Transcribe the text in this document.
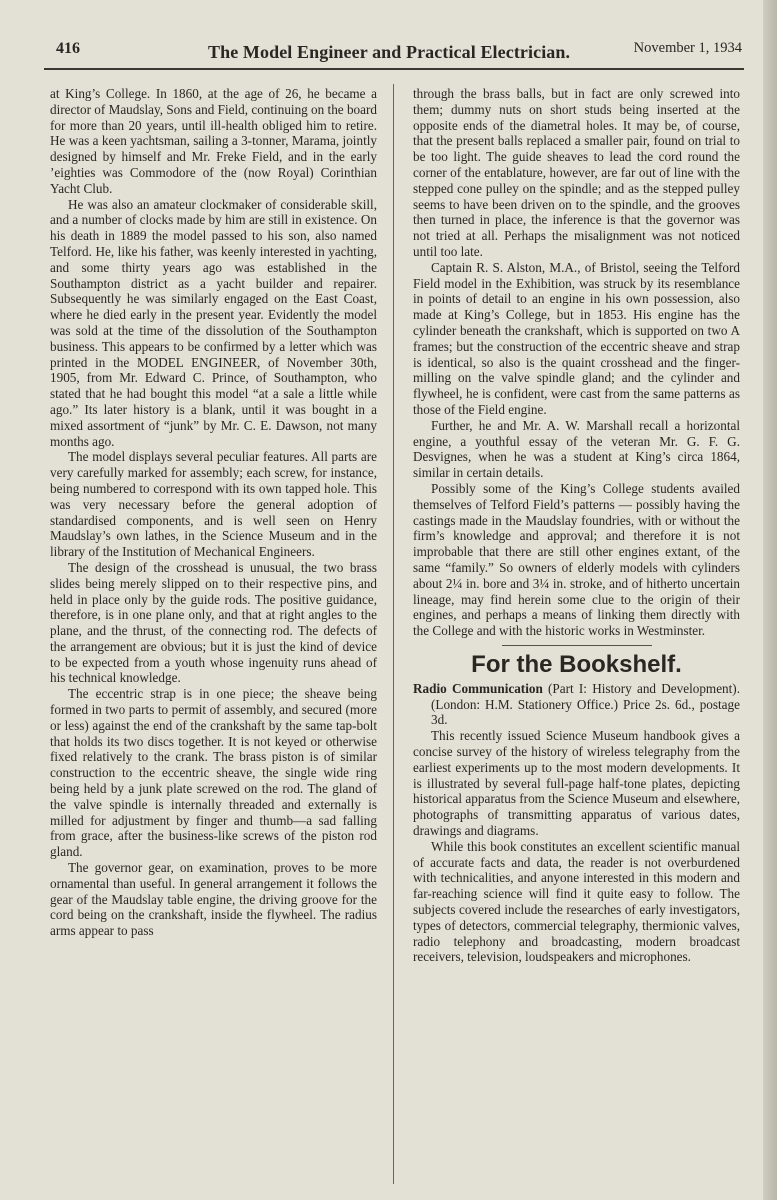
416	The Model Engineer and Practical Electrician.	November 1, 1934

at King’s College. In 1860, at the age of 26, he became a director of Maudslay, Sons and Field, continuing on the board for more than 20 years, until ill-health obliged him to retire. He was a keen yachtsman, sailing a 3-tonner, Marama, jointly designed by himself and Mr. Freke Field, and in the early ’eighties was Commodore of the (now Royal) Corinthian Yacht Club.

He was also an amateur clockmaker of considerable skill, and a number of clocks made by him are still in existence. On his death in 1889 the model passed to his son, also named Telford. He, like his father, was keenly interested in yachting, and some thirty years ago was established in the Southampton district as a yacht builder and repairer. Subsequently he was similarly engaged on the East Coast, where he died early in the present year. Evidently the model was sold at the time of the dissolution of the Southampton business. This appears to be confirmed by a letter which was printed in the MODEL ENGINEER, of November 30th, 1905, from Mr. Edward C. Prince, of Southampton, who stated that he had bought this model “at a sale a little while ago.” Its later history is a blank, until it was bought in a mixed assortment of “junk” by Mr. C. E. Dawson, not many months ago.

The model displays several peculiar features. All parts are very carefully marked for assembly; each screw, for instance, being numbered to correspond with its own tapped hole. This was very necessary before the general adoption of standardised components, and is well seen on Henry Maudslay’s own lathes, in the Science Museum and in the library of the Institution of Mechanical Engineers.

The design of the crosshead is unusual, the two brass slides being merely slipped on to their respective pins, and held in place only by the guide rods. The positive guidance, therefore, is in one plane only, and that at right angles to the plane, and the thrust, of the connecting rod. The defects of the arrangement are obvious; but it is just the kind of device to be expected from a youth whose ingenuity runs ahead of his technical knowledge.

The eccentric strap is in one piece; the sheave being formed in two parts to permit of assembly, and secured (more or less) against the end of the crankshaft by the same tap-bolt that holds its two discs together. It is not keyed or otherwise fixed relatively to the crank. The brass piston is of similar construction to the eccentric sheave, the single wide ring being held by a junk plate screwed on the rod. The gland of the valve spindle is internally threaded and externally is milled for adjustment by finger and thumb—a sad falling from grace, after the business-like screws of the piston rod gland.

The governor gear, on examination, proves to be more ornamental than useful. In general arrangement it follows the gear of the Maudslay table engine, the driving groove for the cord being on the crankshaft, inside the flywheel. The radius arms appear to pass

through the brass balls, but in fact are only screwed into them; dummy nuts on short studs being inserted at the opposite ends of the diametral holes. It may be, of course, that the present balls replaced a smaller pair, found on trial to be too light. The guide sheaves to lead the cord round the corner of the entablature, however, are far out of line with the stepped cone pulley on the spindle; and as the stepped pulley seems to have been driven on to the spindle, and the grooves then turned in place, the inference is that the governor was not tried at all. Perhaps the misalignment was not noticed until too late.

Captain R. S. Alston, M.A., of Bristol, seeing the Telford Field model in the Exhibition, was struck by its resemblance in points of detail to an engine in his own possession, also made at King’s College, but in 1853. His engine has the cylinder beneath the crankshaft, which is supported on two A frames; but the construction of the eccentric sheave and strap is identical, so also is the quaint crosshead and the finger-milling on the valve spindle gland; and the cylinder and flywheel, he is confident, were cast from the same patterns as those of the Field engine.

Further, he and Mr. A. W. Marshall recall a horizontal engine, a youthful essay of the veteran Mr. G. F. G. Desvignes, when he was a student at King’s circa 1864, similar in certain details.

Possibly some of the King’s College students availed themselves of Telford Field’s patterns — possibly having the castings made in the Maudslay foundries, with or without the firm’s knowledge and approval; and therefore it is not improbable that there are still other engines extant, of the same “family.” So owners of elderly models with cylinders about 2¼ in. bore and 3¼ in. stroke, and of hitherto uncertain lineage, may find herein some clue to the origin of their engines, and perhaps a means of linking them directly with the College and with the historic works in Westminster.

For the Bookshelf.

Radio Communication (Part I: History and Development). (London: H.M. Stationery Office.) Price 2s. 6d., postage 3d.

This recently issued Science Museum handbook gives a concise survey of the history of wireless telegraphy from the earliest experiments up to the most modern developments. It is illustrated by several full-page half-tone plates, depicting historical apparatus from the Science Museum and elsewhere, photographs of transmitting apparatus of various dates, drawings and diagrams.

While this book constitutes an excellent scientific manual of accurate facts and data, the reader is not overburdened with technicalities, and anyone interested in this modern and far-reaching science will find it quite easy to follow. The subjects covered include the researches of early investigators, types of detectors, commercial telegraphy, thermionic valves, radio telephony and broadcasting, modern broadcast receivers, television, loudspeakers and microphones.
